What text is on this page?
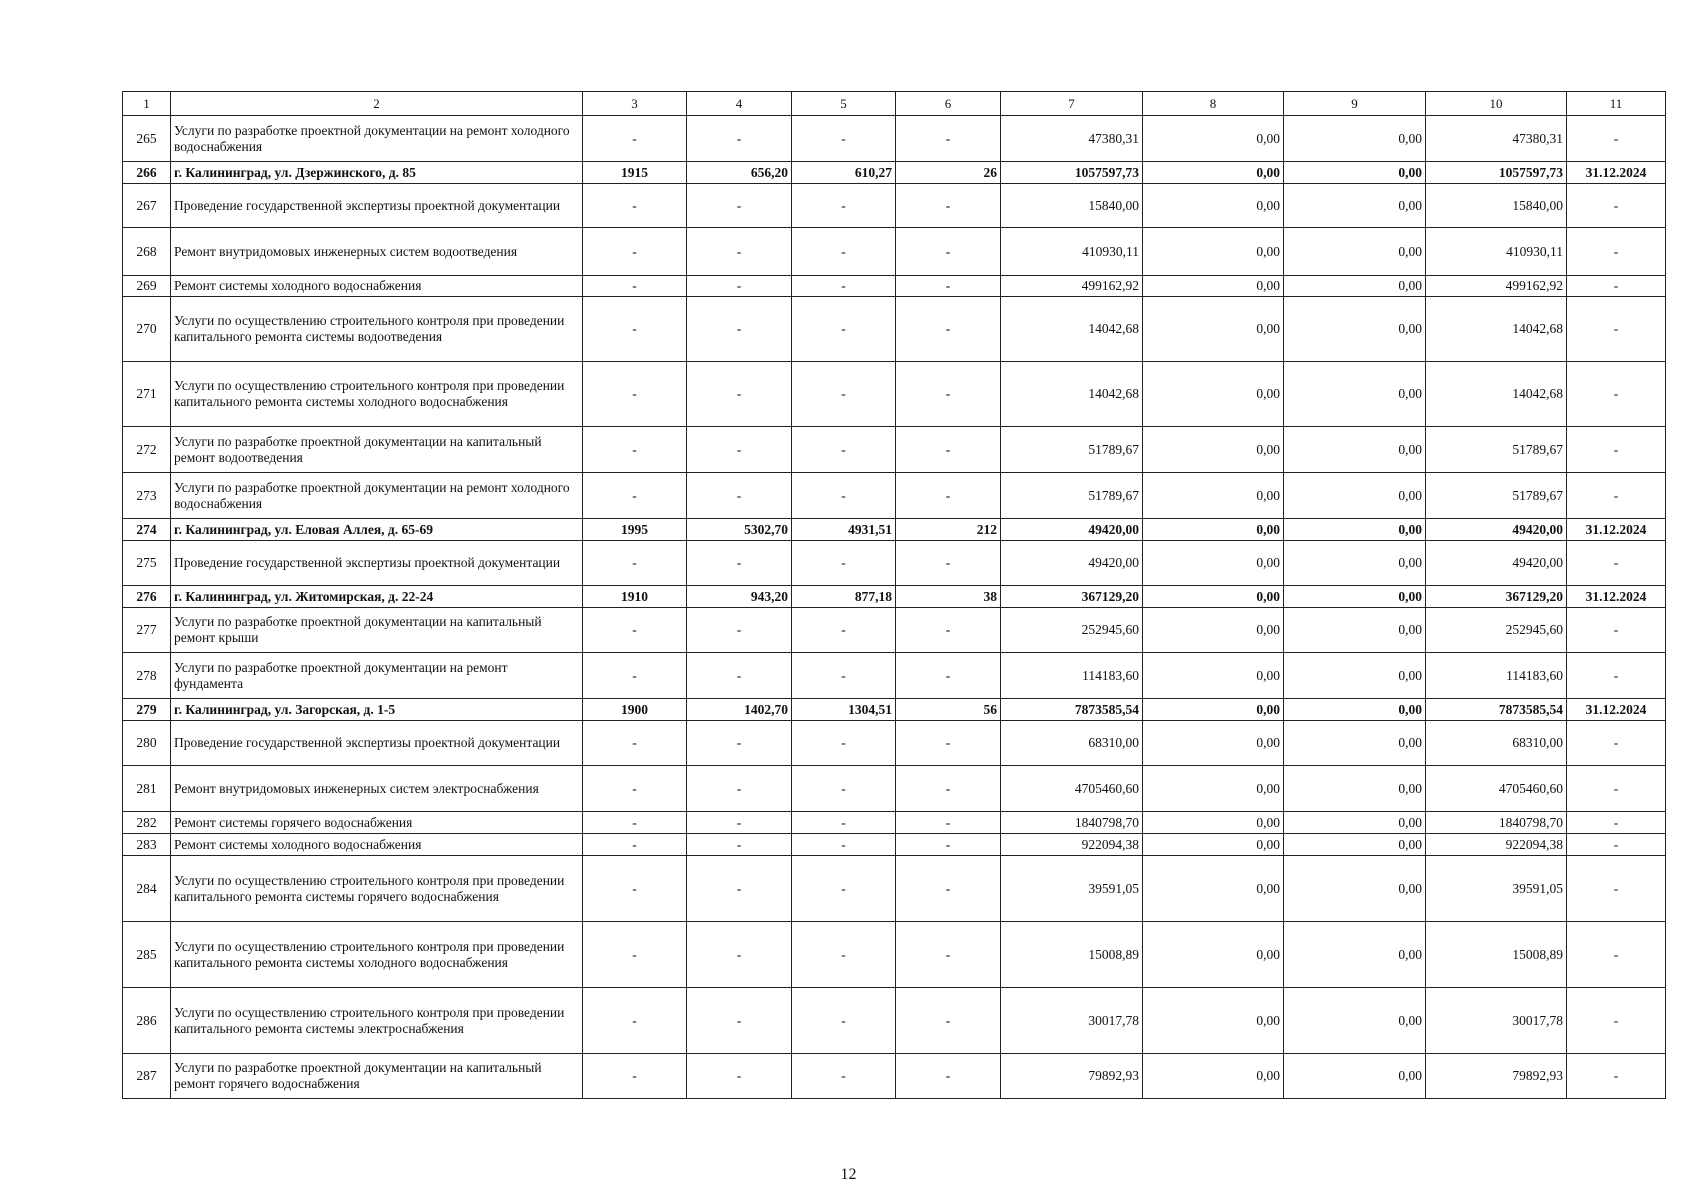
1	2	3	4	5	6	7	8	9	10	11
265	Услуги по разработке проектной документации на ремонт холодного водоснабжения	-	-	-	-	47380,31	0,00	0,00	47380,31	-
266	г. Калининград, ул. Дзержинского, д. 85	1915	656,20	610,27	26	1057597,73	0,00	0,00	1057597,73	31.12.2024
267	Проведение государственной экспертизы проектной документации	-	-	-	-	15840,00	0,00	0,00	15840,00	-
268	Ремонт внутридомовых инженерных систем водоотведения	-	-	-	-	410930,11	0,00	0,00	410930,11	-
269	Ремонт системы холодного водоснабжения	-	-	-	-	499162,92	0,00	0,00	499162,92	-
270	Услуги по осуществлению строительного контроля при проведении капитального ремонта системы водоотведения	-	-	-	-	14042,68	0,00	0,00	14042,68	-
271	Услуги по осуществлению строительного контроля при проведении капитального ремонта системы холодного водоснабжения	-	-	-	-	14042,68	0,00	0,00	14042,68	-
272	Услуги по разработке проектной документации на капитальный ремонт водоотведения	-	-	-	-	51789,67	0,00	0,00	51789,67	-
273	Услуги по разработке проектной документации на ремонт холодного водоснабжения	-	-	-	-	51789,67	0,00	0,00	51789,67	-
274	г. Калининград, ул. Еловая Аллея, д. 65-69	1995	5302,70	4931,51	212	49420,00	0,00	0,00	49420,00	31.12.2024
275	Проведение государственной экспертизы проектной документации	-	-	-	-	49420,00	0,00	0,00	49420,00	-
276	г. Калининград, ул. Житомирская, д. 22-24	1910	943,20	877,18	38	367129,20	0,00	0,00	367129,20	31.12.2024
277	Услуги по разработке проектной документации на капитальный ремонт крыши	-	-	-	-	252945,60	0,00	0,00	252945,60	-
278	Услуги по разработке проектной документации на ремонт фундамента	-	-	-	-	114183,60	0,00	0,00	114183,60	-
279	г. Калининград, ул. Загорская, д. 1-5	1900	1402,70	1304,51	56	7873585,54	0,00	0,00	7873585,54	31.12.2024
280	Проведение государственной экспертизы проектной документации	-	-	-	-	68310,00	0,00	0,00	68310,00	-
281	Ремонт внутридомовых инженерных систем электроснабжения	-	-	-	-	4705460,60	0,00	0,00	4705460,60	-
282	Ремонт системы горячего водоснабжения	-	-	-	-	1840798,70	0,00	0,00	1840798,70	-
283	Ремонт системы холодного водоснабжения	-	-	-	-	922094,38	0,00	0,00	922094,38	-
284	Услуги по осуществлению строительного контроля при проведении капитального ремонта системы горячего водоснабжения	-	-	-	-	39591,05	0,00	0,00	39591,05	-
285	Услуги по осуществлению строительного контроля при проведении капитального ремонта системы холодного водоснабжения	-	-	-	-	15008,89	0,00	0,00	15008,89	-
286	Услуги по осуществлению строительного контроля при проведении капитального ремонта системы электроснабжения	-	-	-	-	30017,78	0,00	0,00	30017,78	-
287	Услуги по разработке проектной документации на капитальный ремонт горячего водоснабжения	-	-	-	-	79892,93	0,00	0,00	79892,93	-
12
